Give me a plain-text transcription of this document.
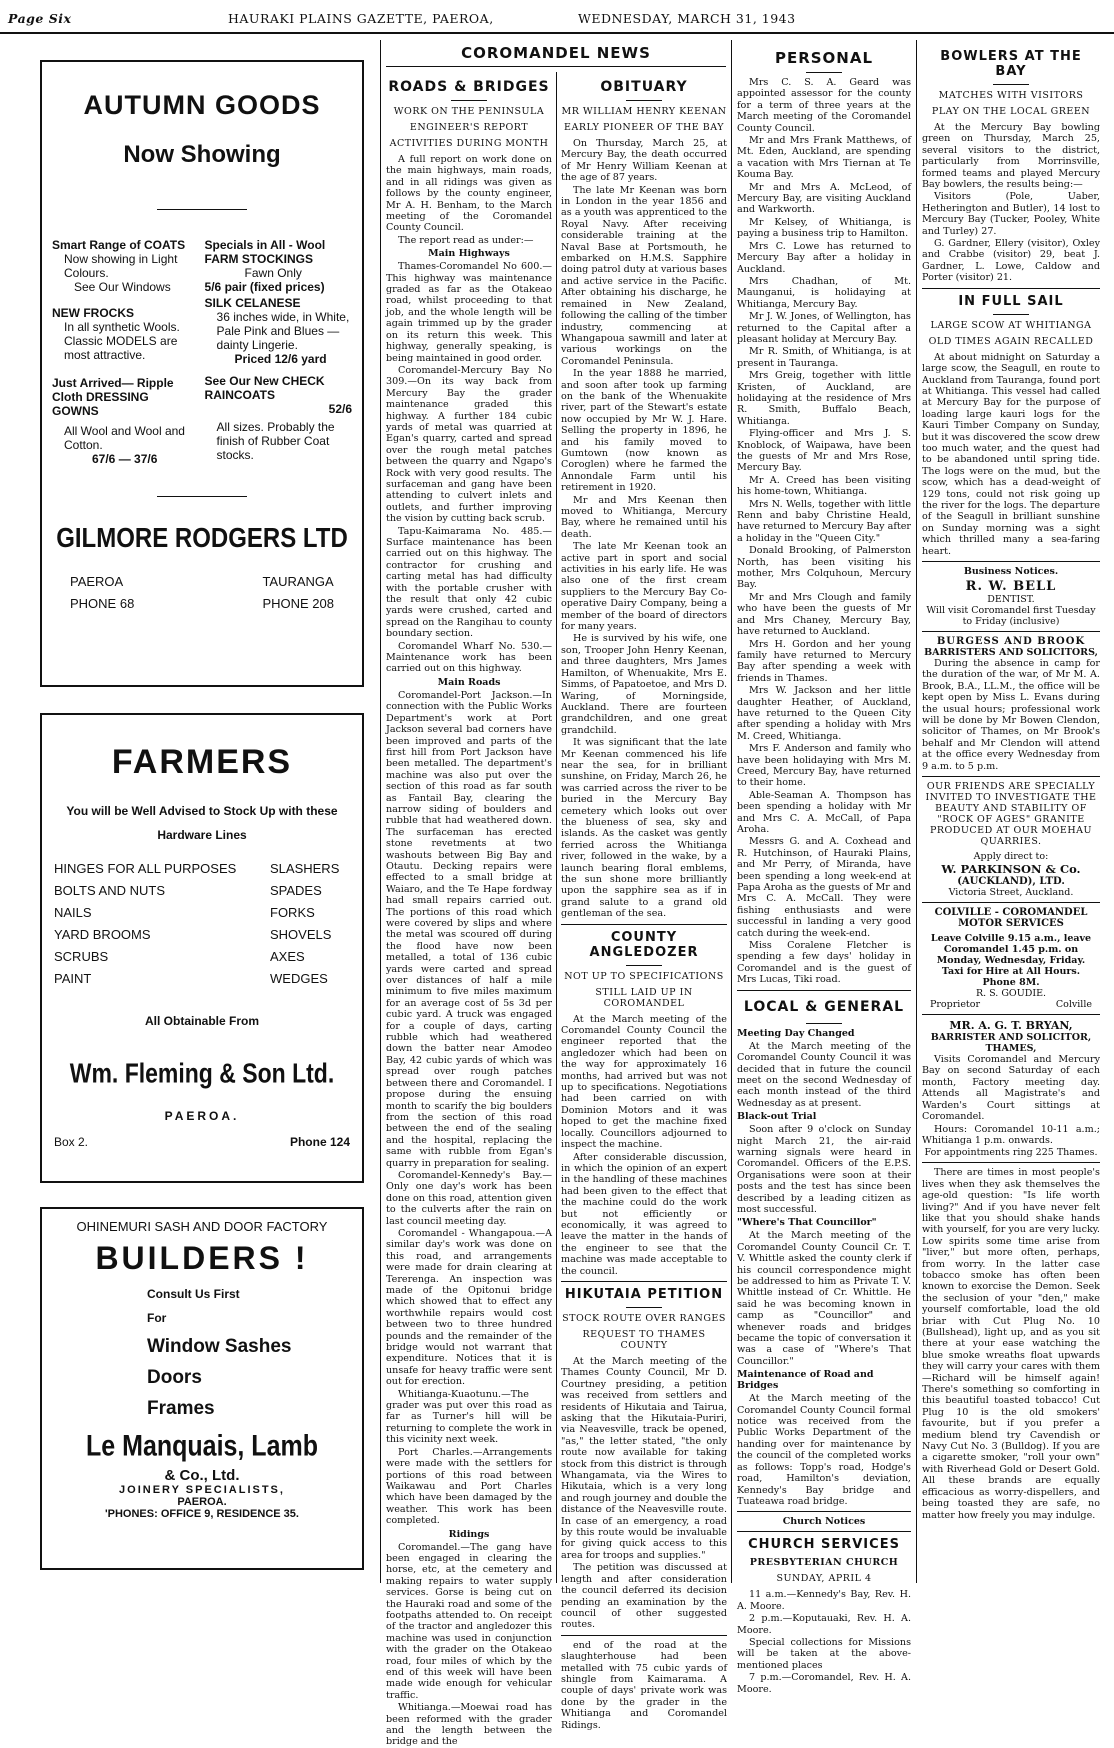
Page Six	HAURAKI PLAINS GAZETTE, PAEROA,	WEDNESDAY, MARCH 31, 1943
AUTUMN GOODS
Now Showing
Smart Range of COATS
Now showing in Light Colours.
See Our Windows
NEW FROCKS
In all synthetic Wools. Classic MODELS are most attractive.
Just Arrived— Ripple Cloth DRESSING GOWNS
All Wool and Wool and Cotton.
67/6 — 37/6
Specials in All - Wool FARM STOCKINGS
Fawn Only
5/6 pair (fixed prices)
SILK CELANESE
36 inches wide, in White, Pale Pink and Blues — dainty Lingerie.
Priced 12/6 yard
See Our New CHECK RAINCOATS
52/6
All sizes. Probably the finish of Rubber Coat stocks.
GILMORE RODGERS LTD
PAEROA
PHONE 68
TAURANGA
PHONE 208
FARMERS
You will be Well Advised to Stock Up with these
Hardware Lines
HINGES FOR ALL PURPOSES
BOLTS AND NUTS
NAILS
YARD BROOMS
SCRUBS
PAINT
SLASHERS
SPADES
FORKS
SHOVELS
AXES
WEDGES
All Obtainable From
Wm. Fleming & Son Ltd.
PAEROA.
Box 2.	Phone 124
OHINEMURI SASH AND DOOR FACTORY
BUILDERS !
Consult Us First
For
Window Sashes
Doors
Frames
Le Manquais, Lamb
& Co., Ltd.
JOINERY SPECIALISTS,
PAEROA.
'PHONES: OFFICE 9, RESIDENCE 35.
COROMANDEL NEWS
ROADS & BRIDGES
WORK ON THE PENINSULA
ENGINEER'S REPORT
ACTIVITIES DURING MONTH

A full report on work done on the main highways, main roads, and in all ridings was given as follows by the county engineer, Mr A. H. Benham, to the March meeting of the Coromandel County Council.

The report read as under:—

Main Highways

Thames-Coromandel No 600.—This highway was maintenance graded as far as the Otakeao road, whilst proceeding to that job, and the whole length will be again trimmed up by the grader on its return this week. This highway, generally speaking, is being maintained in good order.

Coromandel-Mercury Bay No 309.—On its way back from Mercury Bay the grader maintenance graded this highway. A further 184 cubic yards of metal was quarried at Egan's quarry, carted and spread over the rough metal patches between the quarry and Ngapo's Rock with very good results. The surfaceman and gang have been attending to culvert inlets and outlets, and further improving the vision by cutting back scrub.

Tapu-Kaimarama No. 485.—Surface maintenance has been carried out on this highway. The contractor for crushing and carting metal has had difficulty with the portable crusher with the result that only 42 cubic yards were crushed, carted and spread on the Rangihau to county boundary section.

Coromandel Wharf No. 530.—Maintenance work has been carried out on this highway.

Main Roads

Coromandel-Port Jackson.—In connection with the Public Works Department's work at Port Jackson several bad corners have been improved and parts of the first hill from Port Jackson have been metalled. The department's machine was also put over the section of this road as far south as Fantail Bay, clearing the narrow siding of boulders and rubble that had weathered down. The surfaceman has erected stone revetments at two washouts between Big Bay and Otautu. Decking repairs were effected to a small bridge at Waiaro, and the Te Hape fordway had small repairs carried out. The portions of this road which were covered by slips and where the metal was scoured off during the flood have now been metalled, a total of 136 cubic yards were carted and spread over distances of half a mile minimum to five miles maximum for an average cost of 5s 3d per cubic yard. A truck was engaged for a couple of days, carting rubble which had weathered down the batter near Amodeo Bay, 42 cubic yards of which was spread over rough patches between there and Coromandel. I propose during the ensuing month to scarify the big boulders from the section of this road between the end of the sealing and the hospital, replacing the same with rubble from Egan's quarry in preparation for sealing.

Coromandel-Kennedy's Bay.—Only one day's work has been done on this road, attention given to the culverts after the rain on last council meeting day.

Coromandel - Whangapoua.—A similar day's work was done on this road, and arrangements were made for drain clearing at Tererenga. An inspection was made of the Opitonui bridge which showed that to effect any worthwhile repairs would cost between two to three hundred pounds and the remainder of the bridge would not warrant that expenditure. Notices that it is unsafe for heavy traffic were sent out for erection.

Whitianga-Kuaotunu.—The grader was put over this road as far as Turner's hill will be returning to complete the work in this vicinity next week.

Port Charles.—Arrangements were made with the settlers for portions of this road between Waikawau and Port Charles which have been damaged by the weather. This work has been completed.

Ridings

Coromandel.—The gang have been engaged in clearing the horse, etc, at the cemetery and making repairs to water supply services. Gorse is being cut on the Hauraki road and some of the footpaths attended to. On receipt of the tractor and angledozer this machine was used in conjunction with the grader on the Otakeao road, four miles of which by the end of this week will have been made wide enough for vehicular traffic.

Whitianga.—Moewai road has been reformed with the grader and the length between the bridge and the

OBITUARY
MR WILLIAM HENRY KEENAN
EARLY PIONEER OF THE BAY

On Thursday, March 25, at Mercury Bay, the death occurred of Mr Henry William Keenan at the age of 87 years.

The late Mr Keenan was born in London in the year 1856 and as a youth was apprenticed to the Royal Navy. After receiving considerable training at the Naval Base at Portsmouth, he embarked on H.M.S. Sapphire doing patrol duty at various bases and active service in the Pacific. After obtaining his discharge, he remained in New Zealand, following the calling of the timber industry, commencing at Whangapoua sawmill and later at various workings on the Coromandel Peninsula.

In the year 1888 he married, and soon after took up farming on the bank of the Whenuakite river, part of the Stewart's estate now occupied by Mr W. J. Hare. Selling the property in 1896, he and his family moved to Gumtown (now known as Coroglen) where he farmed the Annondale Farm until his retirement in 1920.

Mr and Mrs Keenan then moved to Whitianga, Mercury Bay, where he remained until his death.

The late Mr Keenan took an active part in sport and social activities in his early life. He was also one of the first cream suppliers to the Mercury Bay Co-operative Dairy Company, being a member of the board of directors for many years.

He is survived by his wife, one son, Trooper John Henry Keenan, and three daughters, Mrs James Hamilton, of Whenuakite, Mrs E. Simms, of Papatoetoe, and Mrs D. Waring, of Morningside, Auckland. There are fourteen grandchildren, and one great grandchild.

It was significant that the late Mr Keenan commenced his life near the sea, for in brilliant sunshine, on Friday, March 26, he was carried across the river to be buried in the Mercury Bay cemetery which looks out over the blueness of sea, sky and islands. As the casket was gently ferried across the Whitianga river, followed in the wake, by a launch bearing floral emblems, the sun shone more brilliantly upon the sapphire sea as if in grand salute to a grand old gentleman of the sea.

COUNTY ANGLEDOZER
NOT UP TO SPECIFICATIONS
STILL LAID UP IN COROMANDEL

At the March meeting of the Coromandel County Council the engineer reported that the angledozer which had been on the way for approximately 16 months, had arrived but was not up to specifications. Negotiations had been carried on with Dominion Motors and it was hoped to get the machine fixed locally. Councillors adjourned to inspect the machine.

After considerable discussion, in which the opinion of an expert in the handling of these machines had been given to the effect that the machine could do the work but not efficiently or economically, it was agreed to leave the matter in the hands of the engineer to see that the machine was made acceptable to the council.

HIKUTAIA PETITION
STOCK ROUTE OVER RANGES
REQUEST TO THAMES COUNTY

At the March meeting of the Thames County Council, Mr D. Courtney presiding, a petition was received from settlers and residents of Hikutaia and Tairua, asking that the Hikutaia-Puriri, via Neavesville, track be opened, "as," the letter stated, "the only route now available for taking stock from this district is through Whangamata, via the Wires to Hikutaia, which is a very long and rough journey and double the distance of the Neavesville route. In case of an emergency, a road by this route would be invaluable for giving quick access to this area for troops and supplies."

The petition was discussed at length and after consideration the council deferred its decision pending an examination by the council of other suggested routes.

end of the road at the slaughterhouse had been metalled with 75 cubic yards of shingle from Kaimarama. A couple of days' private work was done by the grader in the Whitianga and Coromandel Ridings.

PERSONAL

Mrs C. S. A. Geard was appointed assessor for the county for a term of three years at the March meeting of the Coromandel County Council.

Mr and Mrs Frank Matthews, of Mt. Eden, Auckland, are spending a vacation with Mrs Tiernan at Te Kouma Bay.

Mr and Mrs A. McLeod, of Mercury Bay, are visiting Auckland and Warkworth.

Mr Kelsey, of Whitianga, is paying a business trip to Hamilton.

Mrs C. Lowe has returned to Mercury Bay after a holiday in Auckland.

Mrs Chadhan, of Mt. Maunganui, is holidaying at Whitianga, Mercury Bay.

Mr J. W. Jones, of Wellington, has returned to the Capital after a pleasant holiday at Mercury Bay.

Mr R. Smith, of Whitianga, is at present in Tauranga.

Mrs Greig, together with little Kristen, of Auckland, are holidaying at the residence of Mrs R. Smith, Buffalo Beach, Whitianga.

Flying-officer and Mrs J. S. Knoblock, of Waipawa, have been the guests of Mr and Mrs Rose, Mercury Bay.

Mr A. Creed has been visiting his home-town, Whitianga.

Mrs N. Wells, together with little Renn and baby Christine Heald, have returned to Mercury Bay after a holiday in the "Queen City."

Donald Brooking, of Palmerston North, has been visiting his mother, Mrs Colquhoun, Mercury Bay.

Mr and Mrs Clough and family who have been the guests of Mr and Mrs Chaney, Mercury Bay, have returned to Auckland.

Mrs H. Gordon and her young family have returned to Mercury Bay after spending a week with friends in Thames.

Mrs W. Jackson and her little daughter Heather, of Auckland, have returned to the Queen City after spending a holiday with Mrs M. Creed, Whitianga.

Mrs F. Anderson and family who have been holidaying with Mrs M. Creed, Mercury Bay, have returned to their home.

Able-Seaman A. Thompson has been spending a holiday with Mr and Mrs C. A. McCall, of Papa Aroha.

Messrs G. and A. Coxhead and R. Hutchinson, of Hauraki Plains, and Mr Perry, of Miranda, have been spending a long week-end at Papa Aroha as the guests of Mr and Mrs C. A. McCall. They were fishing enthusiasts and were successful in landing a very good catch during the week-end.

Miss Coralene Fletcher is spending a few days' holiday in Coromandel and is the guest of Mrs Lucas, Tiki road.

LOCAL & GENERAL
Meeting Day Changed

At the March meeting of the Coromandel County Council it was decided that in future the council meet on the second Wednesday of each month instead of the third Wednesday as at present.

Black-out Trial

Soon after 9 o'clock on Sunday night March 21, the air-raid warning signals were heard in Coromandel. Officers of the E.P.S. Organisations were soon at their posts and the test has since been described by a leading citizen as most successful.

"Where's That Councillor"

At the March meeting of the Coromandel County Council Cr. T. V. Whittle asked the county clerk if his council correspondence might be addressed to him as Private T. V. Whittle instead of Cr. Whittle. He said he was becoming known in camp as "Councillor" and whenever roads and bridges became the topic of conversation it was a case of "Where's That Councillor."

Maintenance of Road and Bridges

At the March meeting of the Coromandel County Council formal notice was received from the Public Works Department of the handing over for maintenance by the council of the completed works as follows: Topp's road, Hodge's road, Hamilton's deviation, Kennedy's Bay bridge and Tuateawa road bridge.

Church Notices
CHURCH SERVICES
PRESBYTERIAN CHURCH
SUNDAY, APRIL 4

11 a.m.—Kennedy's Bay, Rev. H. A. Moore.

2 p.m.—Koputauaki, Rev. H. A. Moore.

Special collections for Missions will be taken at the above-mentioned places

7 p.m.—Coromandel, Rev. H. A. Moore.

BOWLERS AT THE BAY
MATCHES WITH VISITORS
PLAY ON THE LOCAL GREEN

At the Mercury Bay bowling green on Thursday, March 25, several visitors to the district, particularly from Morrinsville, formed teams and played Mercury Bay bowlers, the results being:—

Visitors (Pole, Uaber, Hetherington and Butler), 14 lost to Mercury Bay (Tucker, Pooley, White and Turley) 27.

G. Gardner, Ellery (visitor), Oxley and Crabbe (visitor) 29, beat J. Gardner, L. Lowe, Caldow and Porter (visitor) 21.

IN FULL SAIL
LARGE SCOW AT WHITIANGA
OLD TIMES AGAIN RECALLED

At about midnight on Saturday a large scow, the Seagull, en route to Auckland from Tauranga, found port at Whitianga. This vessel had called at Mercury Bay for the purpose of loading large kauri logs for the Kauri Timber Company on Sunday, but it was discovered the scow drew too much water, and the quest had to be abandoned until spring tide. The logs were on the mud, but the scow, which has a dead-weight of 129 tons, could not risk going up the river for the logs. The departure of the Seagull in brilliant sunshine on Sunday morning was a sight which thrilled many a sea-faring heart.

Business Notices.
R. W. BELL
DENTIST.
Will visit Coromandel first Tuesday to Friday (inclusive)
BURGESS AND BROOK
BARRISTERS AND SOLICITORS,

During the absence in camp for the duration of the war, of Mr M. A. Brook, B.A., LL.M., the office will be kept open by Miss L. Evans during the usual hours; professional work will be done by Mr Bowen Clendon, solicitor of Thames, on Mr Brook's behalf and Mr Clendon will attend at the office every Wednesday from 9 a.m. to 5 p.m.

OUR FRIENDS ARE SPECIALLY INVITED TO INVESTIGATE THE BEAUTY AND STABILITY OF "ROCK OF AGES" GRANITE PRODUCED AT OUR MOEHAU QUARRIES.
Apply direct to:
W. PARKINSON & Co.
(AUCKLAND), LTD.
Victoria Street, Auckland.
COLVILLE - COROMANDEL MOTOR SERVICES
Leave Colville 9.15 a.m., leave Coromandel 1.45 p.m. on Monday, Wednesday, Friday.
Taxi for Hire at All Hours.
Phone 8M.
R. S. GOUDIE.
Proprietor	Colville
MR. A. G. T. BRYAN,
BARRISTER AND SOLICITOR,
THAMES,

Visits Coromandel and Mercury Bay on second Saturday of each month, Factory meeting day. Attends all Magistrate's and Warden's Court sittings at Coromandel.

Hours: Coromandel 10-11 a.m.; Whitianga 1 p.m. onwards.

For appointments ring 225 Thames.

There are times in most people's lives when they ask themselves the age-old question: "Is life worth living?" And if you have never felt like that you should shake hands with yourself, for you are very lucky. Low spirits some time arise from "liver," but more often, perhaps, from worry. In the latter case tobacco smoke has often been known to exorcise the Demon. Seek the seclusion of your "den," make yourself comfortable, load the old briar with Cut Plug No. 10 (Bullshead), light up, and as you sit there at your ease watching the blue smoke wreaths float upwards they will carry your cares with them—Richard will be himself again! There's something so comforting in this beautiful toasted tobacco! Cut Plug 10 is the old smokers' favourite, but if you prefer a medium blend try Cavendish or Navy Cut No. 3 (Bulldog). If you are a cigarette smoker, "roll your own" with Riverhead Gold or Desert Gold. All these brands are equally efficacious as worry-dispellers, and being toasted they are safe, no matter how freely you may indulge.
